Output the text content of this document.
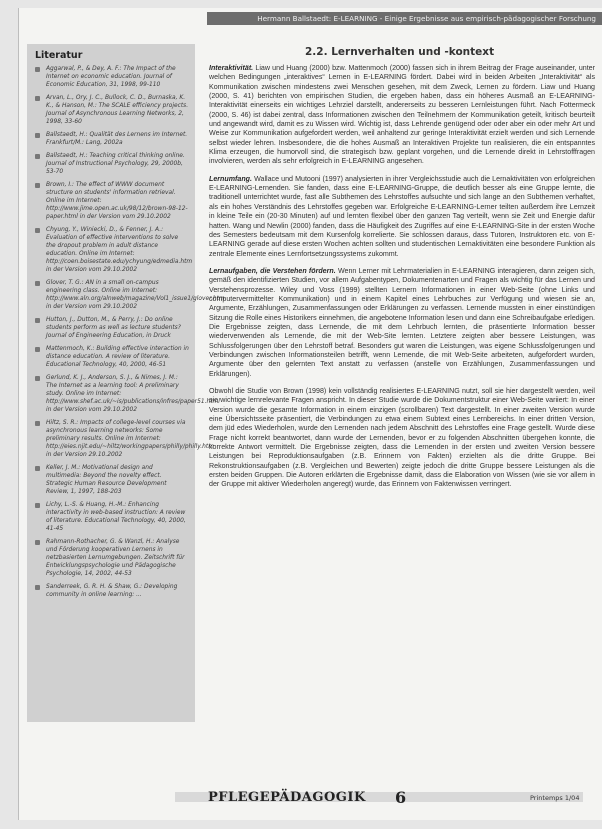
Hermann Ballstaedt: E-LEARNING - Einige Ergebnisse aus empirisch-pädagogischer Forschung
Literatur
Aggarwal, P., & Dey, A. F.: The Impact of the Internet on economic education. Journal of Economic Education, 31, 1998, 99-110
Arvan, L., Ory, J. C., Bullock, C. D., Burnaska, K. K., & Hanson, M.: The SCALE efficiency projects. Journal of Asynchronous Learning Networks, 2, 1998, 33-60
Ballstaedt, H.: Qualität des Lernens im Internet. Frankfurt/M.: Lang, 2002a
Ballstaedt, H.: Teaching critical thinking online. Journal of Instructional Psychology, 29, 2000b, 53-70
Brown, I.: The effect of WWW document structure on students' information retrieval. Online im Internet: http://www.jime.open.ac.uk/98/12/brown-98-12-paper.html in der Version vom 29.10.2002
Chyung, Y., Winiecki, D., & Fenner, J. A.: Evaluation of effective interventions to solve the dropout problem in adult distance education. Online im Internet: http://coen.boisestate.edu/ychyung/edmedia.htm in der Version vom 29.10.2002
Glover, T. G.: AN in a small on-campus engineering class. Online im Internet: http://www.aln.org/alnweb/magazine/Vol1_issue1/glover.htm in der Version vom 29.10.2002
Hutton, J., Dutton, M., & Perry, J.: Do online students perform as well as lecture students? Journal of Engineering Education, in Druck
Mattenmoch, K.: Building effective interaction in distance education. A review of literature. Educational Technology, 40, 2000, 46-51
Gerlund, K. J., Anderson, S. J., & Nimes, J. M.: The Internet as a learning tool: A preliminary study. Online im Internet: http://www.shef.ac.uk/~is/publications/infres/paper51.html in der Version vom 29.10.2002
Hiltz, S. R.: Impacts of college-level courses via asynchronous learning networks: Some preliminary results. Online im Internet: http://eies.njit.edu/~hiltz/workingpapers/philly/philly.htm in der Version 29.10.2002
Keller, J. M.: Motivational design and multimedia: Beyond the novelty effect. Strategic Human Resource Development Review, 1, 1997, 188-203
Lichy, L.-S. & Huang, H.-M.: Enhancing interactivity in web-based instruction: A review of literature. Educational Technology, 40, 2000, 41-45
Rahmann-Rothacher, G. & Wanzl, H.: Analyse und Förderung kooperativen Lernens in netzbasierten Lernumgebungen. Zeitschrift für Entwicklungspsychologie und Pädagogische Psychologie, 14, 2002, 44-53
Sanderreek, G. R. H. & Shaw, G.: Developing community in online learning: ...
2.2. Lernverhalten und -kontext

Interaktivität. Liaw und Huang (2000) bzw. Mattenmoch (2000) fassen sich in ihrem Beitrag der Frage auseinander, unter welchen Bedingungen „interaktives“ Lernen in E-LEARNING fördert. Dabei wird in beiden Arbeiten „Interaktivität“ als Kommunikation zwischen mindestens zwei Menschen gesehen, mit dem Zweck, Lernen zu fördern. Liaw und Huang (2000, S. 41) berichten von empirischen Studien, die ergeben haben, dass ein höheres Ausmaß an E-LEARNING-Interaktivität einerseits ein wichtiges Lehrziel darstellt, andererseits zu besseren Lernleistungen führt. Nach Fottermeck (2000, S. 46) ist dabei zentral, dass Informationen zwischen den Teilnehmern der Kommunikation geteilt, kritisch beurteilt und angewandt wird, damit es zu Wissen wird. Wichtig ist, dass Lehrende genügend oder oder aber ein oder mehr Art und Weise zur Kommunikation aufgefordert werden, weil anhaltend zur geringe Interaktivität erzielt werden und sich Lernende selbst wieder lehren. Insbesondere, die die hohes Ausmaß an Interaktiven Projekte tun realisieren, die ein entspanntes Klima erzeugen, die humorvoll sind, die strategisch bzw. geplant vorgehen, und die Lernende direkt in Lehrstofffragen involvieren, werden als sehr erfolgreich in E-LEARNING angesehen.

Lernumfang. Wallace und Mutooni (1997) analysierten in ihrer Vergleichsstudie auch die Lernaktivitäten von erfolgreichen E-LEARNING-Lernenden. Sie fanden, dass eine E-LEARNING-Gruppe, die deutlich besser als eine Gruppe lernte, die traditionell unterrichtet wurde, fast alle Subthemen des Lehrstoffes aufsuchte und sich lange an den Subthemen verhaftet, als ein hohes Verständnis des Lehrstoffes gegeben war. Erfolgreiche E-LEARNING-Lerner teilten außerdem ihre Lernzeit in kleine Teile ein (20-30 Minuten) auf und lernten flexibel über den ganzen Tag verteilt, wenn sie Zeit und Energie dafür hatten. Wang und Newlin (2000) fanden, dass die Häufigkeit des Zugriffes auf eine E-LEARNING-Site in der ersten Woche des Semesters bedeutsam mit dem Kursenfolg korrelierte. Sie schlossen daraus, dass Tutoren, Instruktoren etc. von E-LEARNING gerade auf diese ersten Wochen achten sollten und studentischen Lernaktivitäten eine besondere Funktion als zentrale Elemente eines Lernfortsetzungssystems zukommt.

Lernaufgaben, die Verstehen fördern. Wenn Lerner mit Lehrmaterialien in E-LEARNING interagieren, dann zeigen sich, gemäß den identifizierten Studien, vor allem Aufgabentypen, Dokumentenarten und Fragen als wichtig für das Lernen und Verstehensprozesse. Wiley und Voss (1999) stellten Lernern Informationen in einer Web-Seite (ohne Links und computervermittelter Kommunikation) und in einem Kapitel eines Lehrbuches zur Verfügung und wiesen sie an, Argumente, Erzählungen, Zusammenfassungen oder Erklärungen zu verfassen. Lernende mussten in einer einstündigen Sitzung die Rolle eines Historikers einnehmen, die angebotene Information lesen und dann eine Schreibaufgabe erledigen. Die Ergebnisse zeigten, dass Lernende, die mit dem Lehrbuch lernten, die präsentierte Information besser wiederverwenden als Lernende, die mit der Web-Site lernten. Letztere zeigten aber bessere Leistungen, was Schlussfolgerungen über den Lehrstoff betraf. Besonders gut waren die Leistungen, was eigene Schlussfolgerungen und Verbindungen zwischen Informationsteilen betrifft, wenn Lernende, die mit Web-Seite arbeiteten, aufgefordert wurden, Argumente über den gelernten Text anstatt zu verfassen (anstelle von Erzählungen, Zusammenfassungen und Erklärungen).

Obwohl die Studie von Brown (1998) kein vollständig realisiertes E-LEARNING nutzt, soll sie hier dargestellt werden, weil sie wichtige lernrelevante Fragen anspricht. In dieser Studie wurde die Dokumentstruktur einer Web-Seite variiert: In einer Version wurde die gesamte Information in einem einzigen (scrollbaren) Text dargestellt. In einer zweiten Version wurde eine Übersichtsseite präsentiert, die Verbindungen zu etwa einem Subtext eines Lernbereichs. In einer dritten Version, dem jüd edes Wiederholen, wurde den Lernenden nach jedem Abschnitt des Lehrstoffes eine Frage gestellt. Wurde diese Frage nicht korrekt beantwortet, dann wurde der Lernenden, bevor er zu folgenden Abschnitten übergehen konnte, die korrekte Antwort vermittelt. Die Ergebnisse zeigten, dass die Lernenden in der ersten und zweiten Version bessere Leistungen bei Reproduktionsaufgaben (z.B. Erinnern von Fakten) erzielten als die dritte Gruppe. Bei Rekonstruktionsaufgaben (z.B. Vergleichen und Bewerten) zeigte jedoch die dritte Gruppe bessere Leistungen als die ersten beiden Gruppen. Die Autoren erklärten die Ergebnisse damit, dass die Elaboration von Wissen (wie sie vor allem in der Gruppe mit aktiver Wiederholen angeregt) wurde, das Erinnern von Faktenwissen verringert.

PFLEGEPÄDAGOGIK 6	Printemps 1/04
